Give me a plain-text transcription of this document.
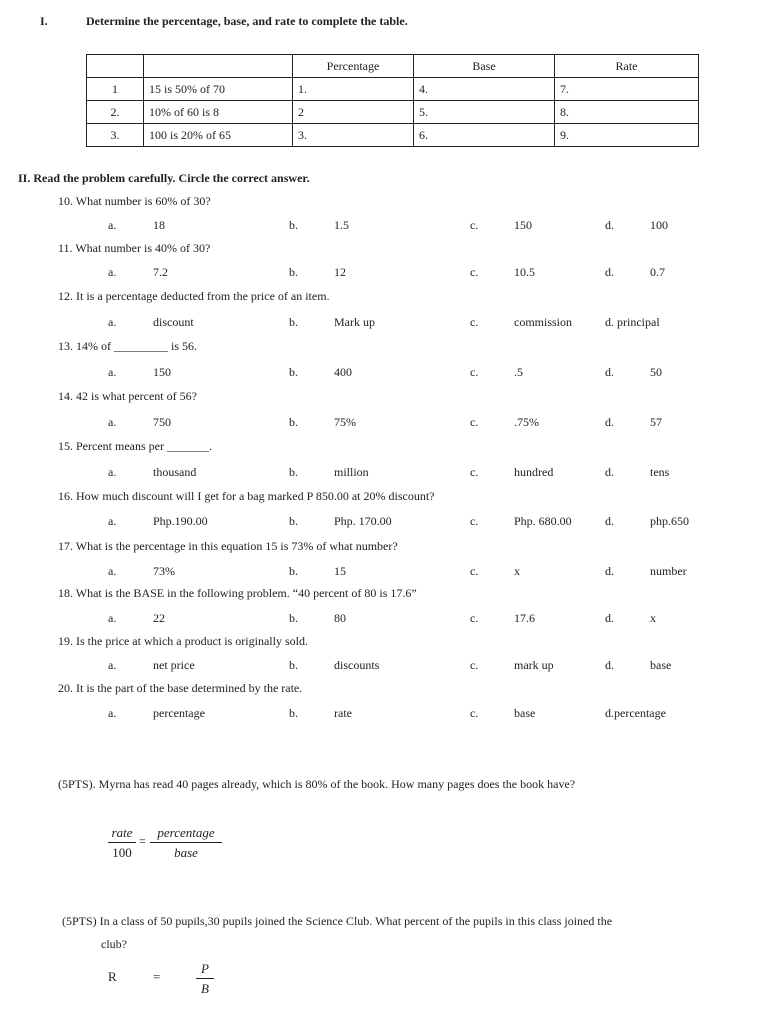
I.	Determine the percentage, base, and rate to complete the table.
		Percentage	Base	Rate
1	15 is 50% of 70	1.	4.	7.
2.	10% of 60 is 8	2	5.	8.
3.	100 is 20% of 65	3.	6.	9.
II. Read the problem carefully. Circle the correct answer.
10. What number is 60% of 30?
a.	18	b.	1.5	c.	150	d.	100
11. What number is 40% of 30?
a.	7.2	b.	12	c.	10.5	d.	0.7
12. It is a percentage deducted from the price of an item.
a.	discount	b.	Mark up	c.	commission	d. principal
13. 14% of _________ is 56.
a.	150	b.	400	c.	.5	d.	50
14. 42 is what percent of 56?
a.	750	b.	75%	c.	.75%	d.	57
15. Percent means per _______.
a.	thousand	b.	million	c.	hundred	d.	tens
16. How much discount will I get for a bag marked P 850.00 at 20% discount?
a.	Php.190.00	b.	Php. 170.00	c.	Php. 680.00	d.	php.650
17. What is the percentage in this equation 15 is 73% of what number?
a.	73%	b.	15	c.	x	d.	number
18. What is the BASE in the following problem. “40 percent of 80 is 17.6”
a.	22	b.	80	c.	17.6	d.	x
19. Is the price at which a product is originally sold.
a.	net price	b.	discounts	c.	mark up	d.	base
20. It is the part of the base determined by the rate.
a.	percentage	b.	rate	c.	base	d.percentage
(5PTS). Myrna has read 40 pages already, which is 80% of the book. How many pages does the book have?
rate
100
=
percentage
base
(5PTS) In a class of 50 pupils,30 pupils joined the Science Club. What percent of the pupils in this class joined the
club?
R	=	$\frac{P}{B}$
